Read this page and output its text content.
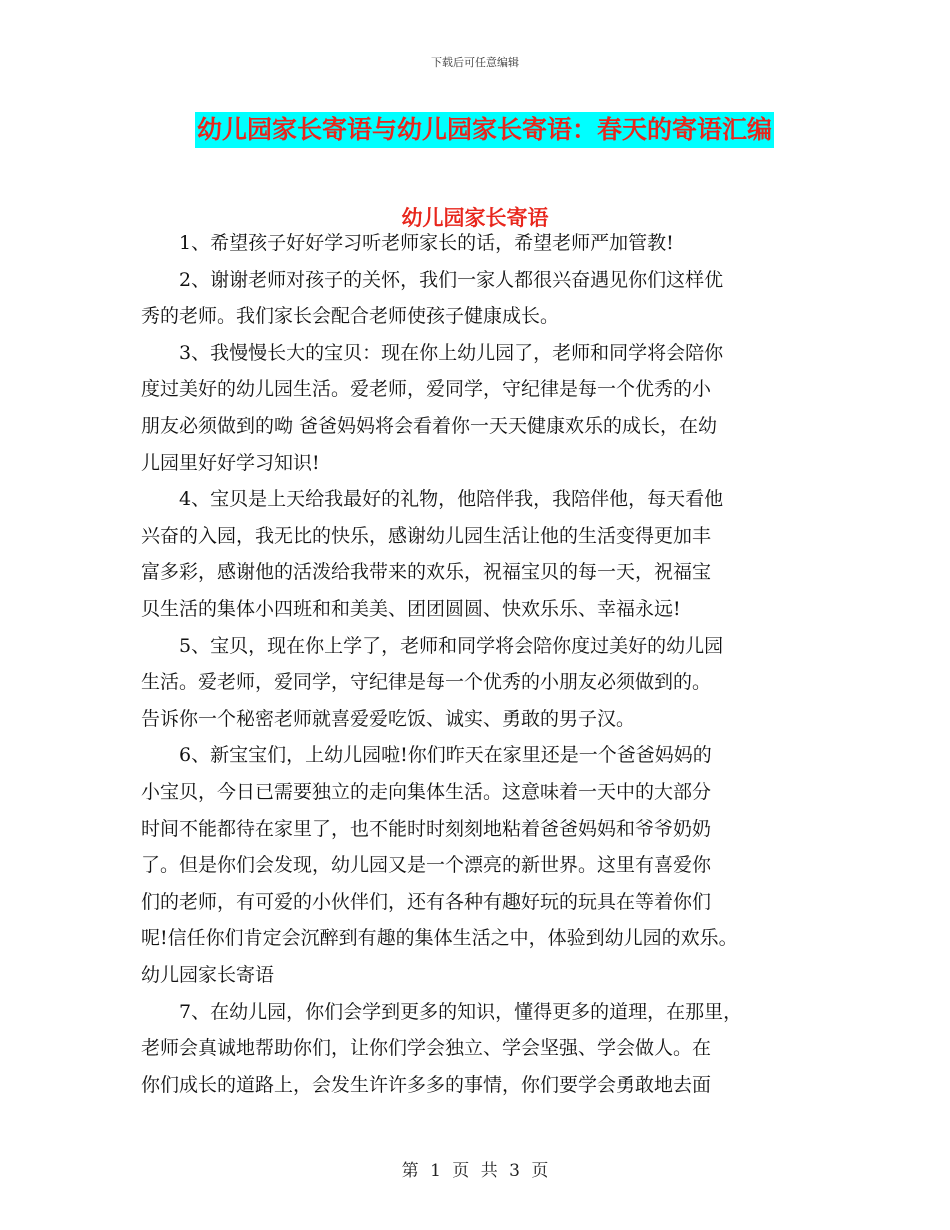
下载后可任意编辑
幼儿园家长寄语与幼儿园家长寄语：春天的寄语汇编
幼儿园家长寄语
　　1、希望孩子好好学习听老师家长的话，希望老师严加管教!
　　2、谢谢老师对孩子的关怀，我们一家人都很兴奋遇见你们这样优
秀的老师。我们家长会配合老师使孩子健康成长。
　　3、我慢慢长大的宝贝：现在你上幼儿园了，老师和同学将会陪你
度过美好的幼儿园生活。爱老师，爱同学，守纪律是每一个优秀的小
朋友必须做到的呦 爸爸妈妈将会看着你一天天健康欢乐的成长，在幼
儿园里好好学习知识!
　　4、宝贝是上天给我最好的礼物，他陪伴我，我陪伴他，每天看他
兴奋的入园，我无比的快乐，感谢幼儿园生活让他的生活变得更加丰
富多彩，感谢他的活泼给我带来的欢乐，祝福宝贝的每一天，祝福宝
贝生活的集体小四班和和美美、团团圆圆、快欢乐乐、幸福永远!
　　5、宝贝，现在你上学了，老师和同学将会陪你度过美好的幼儿园
生活。爱老师，爱同学，守纪律是每一个优秀的小朋友必须做到的。
告诉你一个秘密老师就喜爱爱吃饭、诚实、勇敢的男子汉。
　　6、新宝宝们，上幼儿园啦!你们昨天在家里还是一个爸爸妈妈的
小宝贝，今日已需要独立的走向集体生活。这意味着一天中的大部分
时间不能都待在家里了，也不能时时刻刻地粘着爸爸妈妈和爷爷奶奶
了。但是你们会发现，幼儿园又是一个漂亮的新世界。这里有喜爱你
们的老师，有可爱的小伙伴们，还有各种有趣好玩的玩具在等着你们
呢!信任你们肯定会沉醉到有趣的集体生活之中，体验到幼儿园的欢乐。
幼儿园家长寄语
　　7、在幼儿园，你们会学到更多的知识，懂得更多的道理，在那里，
老师会真诚地帮助你们，让你们学会独立、学会坚强、学会做人。在
你们成长的道路上，会发生许许多多的事情，你们要学会勇敢地去面
第 1 页 共 3 页
